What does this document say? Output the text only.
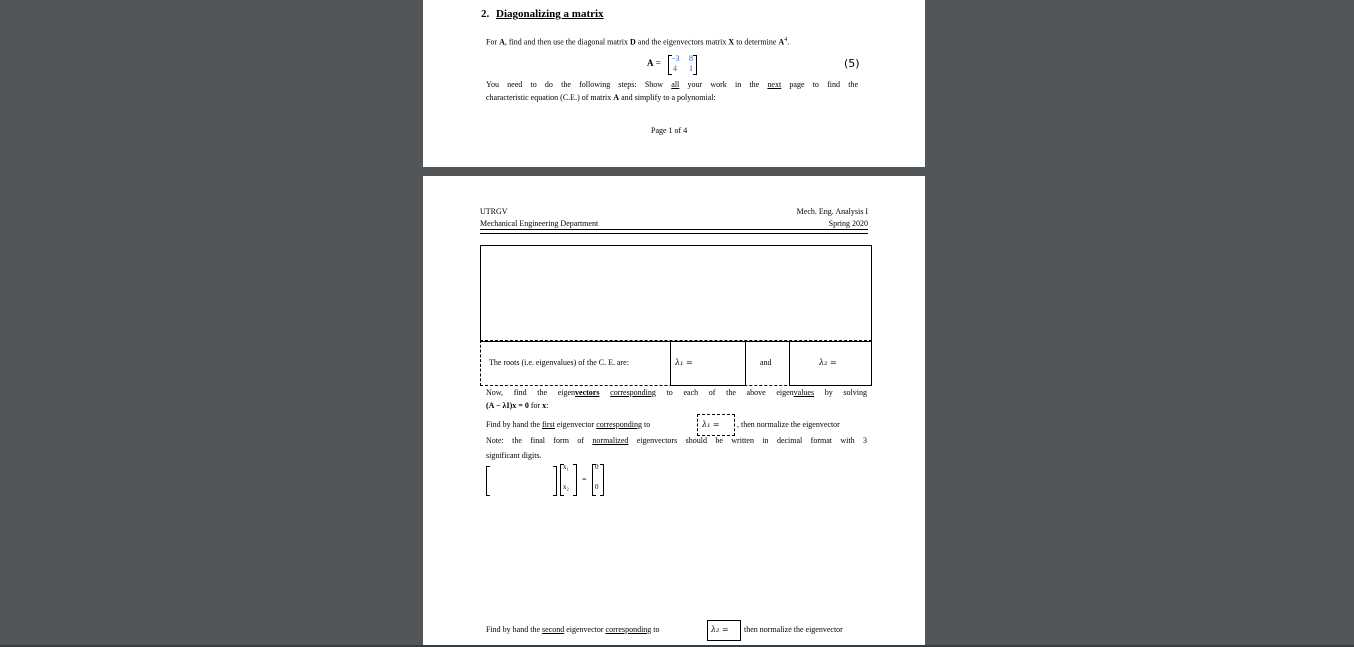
2. Diagonalizing a matrix
For A, find and then use the diagonal matrix D and the eigenvectors matrix X to determine $A^4$.
A = −3 8
4 1	(5)
You need to do the following steps: Show all your work in the next page to find the
characteristic equation (C.E.) of matrix A and simplify to a polynomial:
Page 1 of 4
UTRGV
Mechanical Engineering Department
Mech. Eng. Analysis I
Spring 2020
The roots (i.e. eigenvalues) of the C. E. are:	λ₁ =	and	λ₂ =
Now, find the eigenvectors corresponding to each of the above eigenvalues by solving
(A − λI)x = 0 for x:
Find by hand the first eigenvector corresponding to	λ₁ = , then normalize the eigenvector
Note: the final form of normalized eigenvectors should be written in decimal format with 3
significant digits.
x₁
x₂
=
0
0
Find by hand the second eigenvector corresponding to	λ₂ = then normalize the eigenvector
